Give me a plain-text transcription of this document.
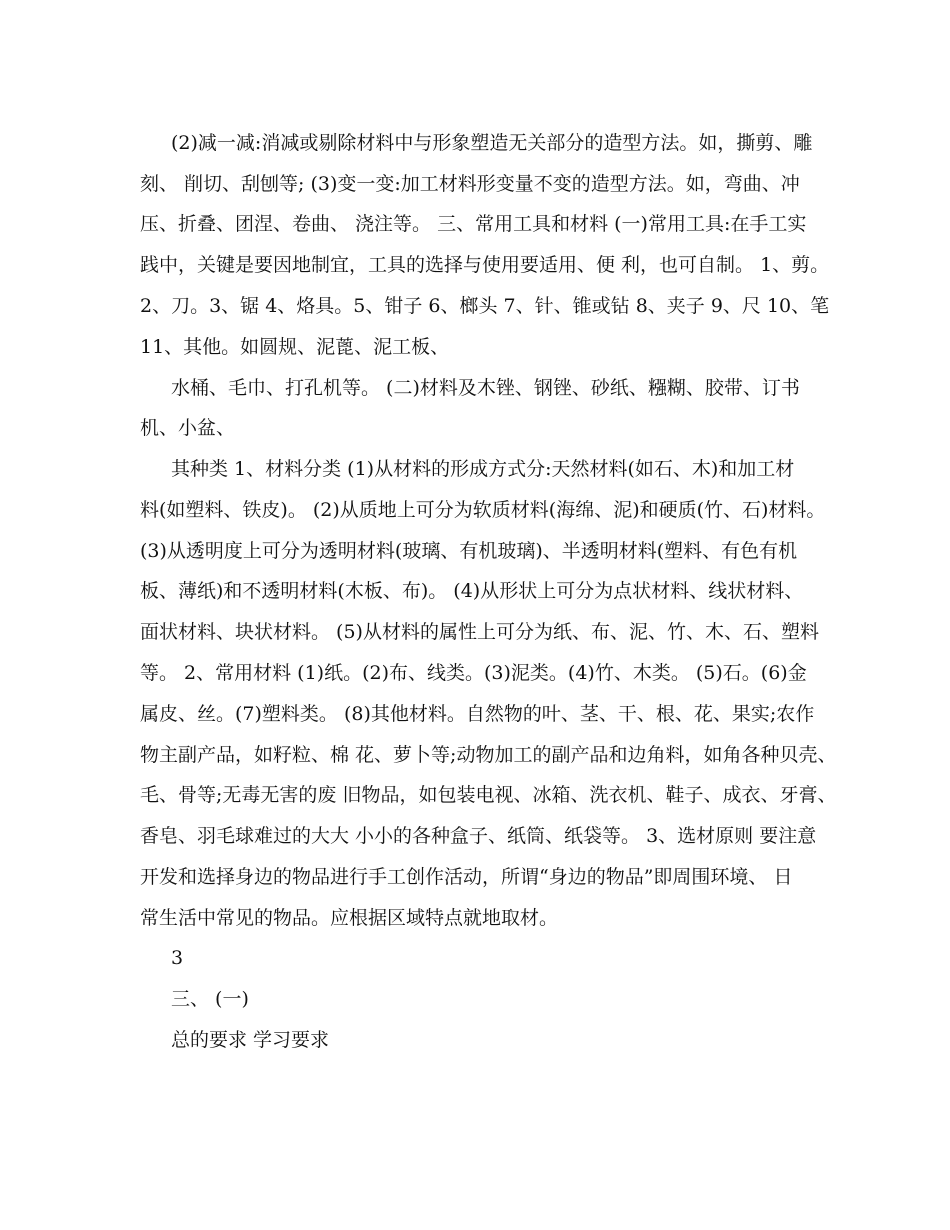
(2)减一减:消减或剔除材料中与形象塑造无关部分的造型方法。如，撕剪、雕
刻、 削切、刮刨等; (3)变一变:加工材料形变量不变的造型方法。如，弯曲、冲
压、折叠、团涅、卷曲、 浇注等。 三、常用工具和材料 (一)常用工具:在手工实
践中，关键是要因地制宜，工具的选择与使用要适用、便 利，也可自制。 1、剪。
2、刀。3、锯 4、烙具。5、钳子 6、榔头 7、针、锥或钻 8、夹子 9、尺 10、笔
11、其他。如圆规、泥蓖、泥工板、
水桶、毛巾、打孔机等。 (二)材料及木锉、钢锉、砂纸、糨糊、胶带、订书
机、小盆、
其种类 1、材料分类 (1)从材料的形成方式分:天然材料(如石、木)和加工材
料(如塑料、铁皮)。 (2)从质地上可分为软质材料(海绵、泥)和硬质(竹、石)材料。
(3)从透明度上可分为透明材料(玻璃、有机玻璃)、半透明材料(塑料、有色有机
板、薄纸)和不透明材料(木板、布)。 (4)从形状上可分为点状材料、线状材料、
面状材料、块状材料。 (5)从材料的属性上可分为纸、布、泥、竹、木、石、塑料
等。 2、常用材料 (1)纸。(2)布、线类。(3)泥类。(4)竹、木类。 (5)石。(6)金
属皮、丝。(7)塑料类。 (8)其他材料。自然物的叶、茎、干、根、花、果实;农作
物主副产品，如籽粒、棉 花、萝卜等;动物加工的副产品和边角料，如角各种贝壳、
毛、骨等;无毒无害的废 旧物品，如包装电视、冰箱、洗衣机、鞋子、成衣、牙膏、
香皂、羽毛球难过的大大 小小的各种盒子、纸筒、纸袋等。 3、选材原则 要注意
开发和选择身边的物品进行手工创作活动，所谓“身边的物品”即周围环境、 日
常生活中常见的物品。应根据区域特点就地取材。
3
三、 (一)
总的要求 学习要求
